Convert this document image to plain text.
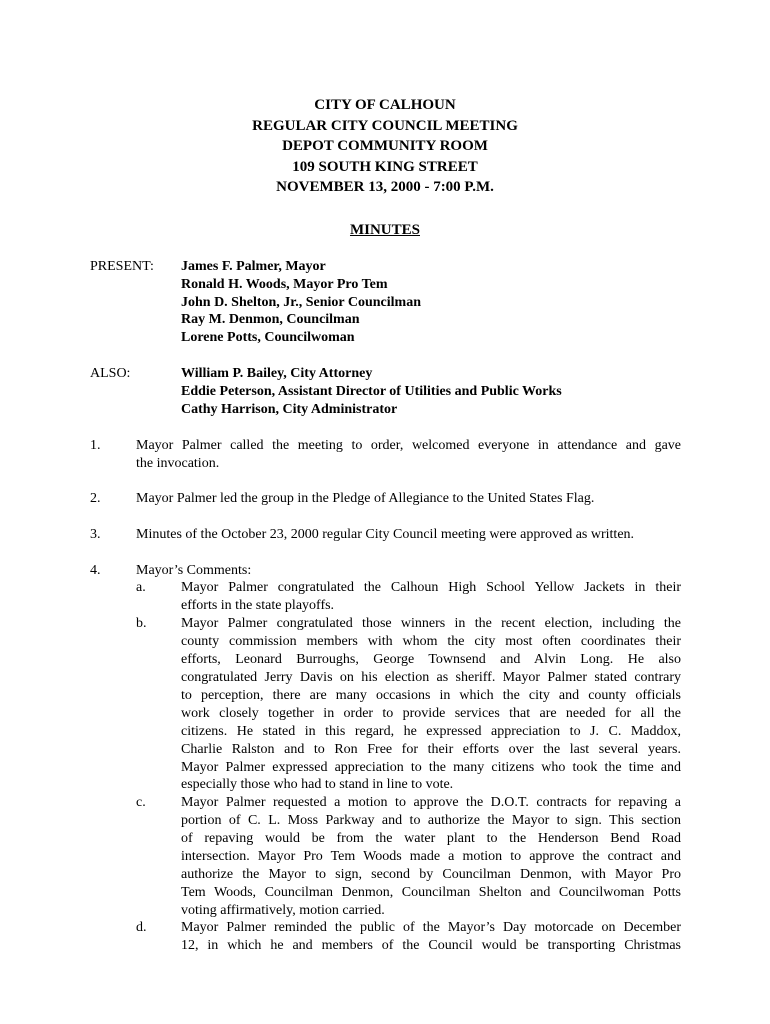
CITY OF CALHOUN
REGULAR CITY COUNCIL MEETING
DEPOT COMMUNITY ROOM
109 SOUTH KING STREET
NOVEMBER 13, 2000 - 7:00 P.M.
MINUTES
PRESENT: James F. Palmer, Mayor
Ronald H. Woods, Mayor Pro Tem
John D. Shelton, Jr., Senior Councilman
Ray M. Denmon, Councilman
Lorene Potts, Councilwoman
ALSO:	William P. Bailey, City Attorney
Eddie Peterson, Assistant Director of Utilities and Public Works
Cathy Harrison, City Administrator
1.	Mayor Palmer called the meeting to order, welcomed everyone in attendance and gave
the invocation.
2.	Mayor Palmer led the group in the Pledge of Allegiance to the United States Flag.
3.	Minutes of the October 23, 2000 regular City Council meeting were approved as written.
4.	Mayor’s Comments:
a.	Mayor Palmer congratulated the Calhoun High School Yellow Jackets in their
efforts in the state playoffs.
b. Mayor Palmer congratulated those winners in the recent election, including the
county commission members with whom the city most often coordinates their
efforts, Leonard Burroughs, George Townsend and Alvin Long. He also
congratulated Jerry Davis on his election as sheriff. Mayor Palmer stated contrary
to perception, there are many occasions in which the city and county officials
work closely together in order to provide services that are needed for all the
citizens. He stated in this regard, he expressed appreciation to J. C. Maddox,
Charlie Ralston and to Ron Free for their efforts over the last several years.
Mayor Palmer expressed appreciation to the many citizens who took the time and
especially those who had to stand in line to vote.
c.	Mayor Palmer requested a motion to approve the D.O.T. contracts for repaving a
portion of C. L. Moss Parkway and to authorize the Mayor to sign. This section
of repaving would be from the water plant to the Henderson Bend Road
intersection. Mayor Pro Tem Woods made a motion to approve the contract and
authorize the Mayor to sign, second by Councilman Denmon, with Mayor Pro
Tem Woods, Councilman Denmon, Councilman Shelton and Councilwoman Potts
voting affirmatively, motion carried.
d. Mayor Palmer reminded the public of the Mayor’s Day motorcade on December
12, in which he and members of the Council would be transporting Christmas
